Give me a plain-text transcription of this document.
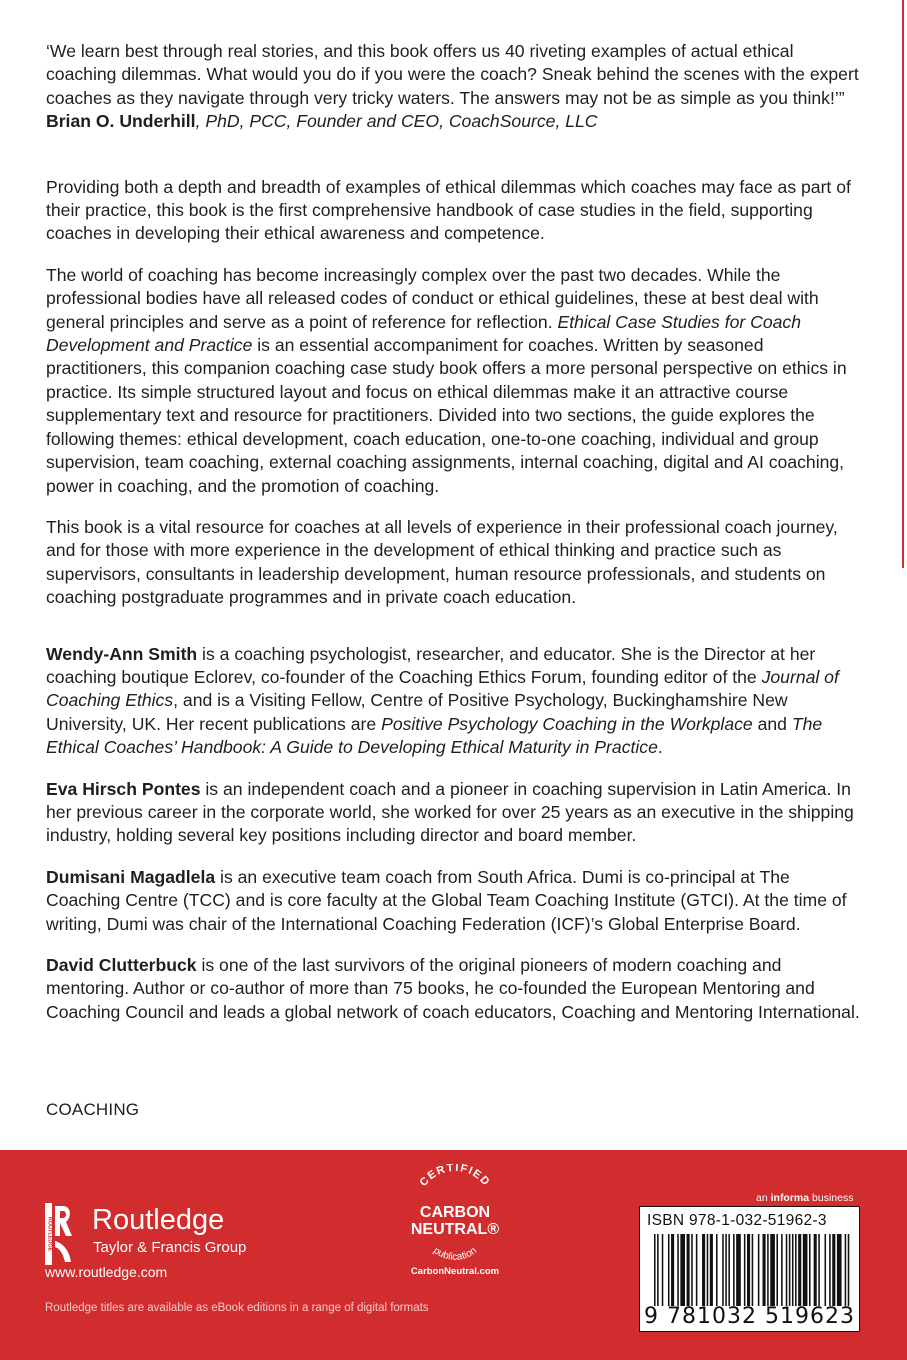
‘We learn best through real stories, and this book offers us 40 riveting examples of actual ethical coaching dilemmas. What would you do if you were the coach? Sneak behind the scenes with the expert coaches as they navigate through very tricky waters. The answers may not be as simple as you think!’”

Brian O. Underhill, PhD, PCC, Founder and CEO, CoachSource, LLC

Providing both a depth and breadth of examples of ethical dilemmas which coaches may face as part of their practice, this book is the first comprehensive handbook of case studies in the field, supporting coaches in developing their ethical awareness and competence.

The world of coaching has become increasingly complex over the past two decades. While the professional bodies have all released codes of conduct or ethical guidelines, these at best deal with general principles and serve as a point of reference for reflection. Ethical Case Studies for Coach Development and Practice is an essential accompaniment for coaches. Written by seasoned practitioners, this companion coaching case study book offers a more personal perspective on ethics in practice. Its simple structured layout and focus on ethical dilemmas make it an attractive course supplementary text and resource for practitioners. Divided into two sections, the guide explores the following themes: ethical development, coach education, one-to-one coaching, individual and group supervision, team coaching, external coaching assignments, internal coaching, digital and AI coaching, power in coaching, and the promotion of coaching.

This book is a vital resource for coaches at all levels of experience in their professional coach journey, and for those with more experience in the development of ethical thinking and practice such as supervisors, consultants in leadership development, human resource professionals, and students on coaching postgraduate programmes and in private coach education.

Wendy-Ann Smith is a coaching psychologist, researcher, and educator. She is the Director at her coaching boutique Eclorev, co-founder of the Coaching Ethics Forum, founding editor of the Journal of Coaching Ethics, and is a Visiting Fellow, Centre of Positive Psychology, Buckinghamshire New University, UK. Her recent publications are Positive Psychology Coaching in the Workplace and The Ethical Coaches’ Handbook: A Guide to Developing Ethical Maturity in Practice.

Eva Hirsch Pontes is an independent coach and a pioneer in coaching supervision in Latin America. In her previous career in the corporate world, she worked for over 25 years as an executive in the shipping industry, holding several key positions including director and board member.

Dumisani Magadlela is an executive team coach from South Africa. Dumi is co-principal at The Coaching Centre (TCC) and is core faculty at the Global Team Coaching Institute (GTCI). At the time of writing, Dumi was chair of the International Coaching Federation (ICF)’s Global Enterprise Board.

David Clutterbuck is one of the last survivors of the original pioneers of modern coaching and mentoring. Author or co-author of more than 75 books, he co-founded the European Mentoring and Coaching Council and leads a global network of coach educators, Coaching and Mentoring International.

COACHING
ROUTLEDGE Routledge
Taylor & Francis Group
www.routledge.com
Routledge titles are available as eBook editions in a range of digital formats
CERTIFIED
CARBON
NEUTRAL®
publication
CarbonNeutral.com
an informa business
ISBN 978-1-032-51962-3
9 781032 519623
